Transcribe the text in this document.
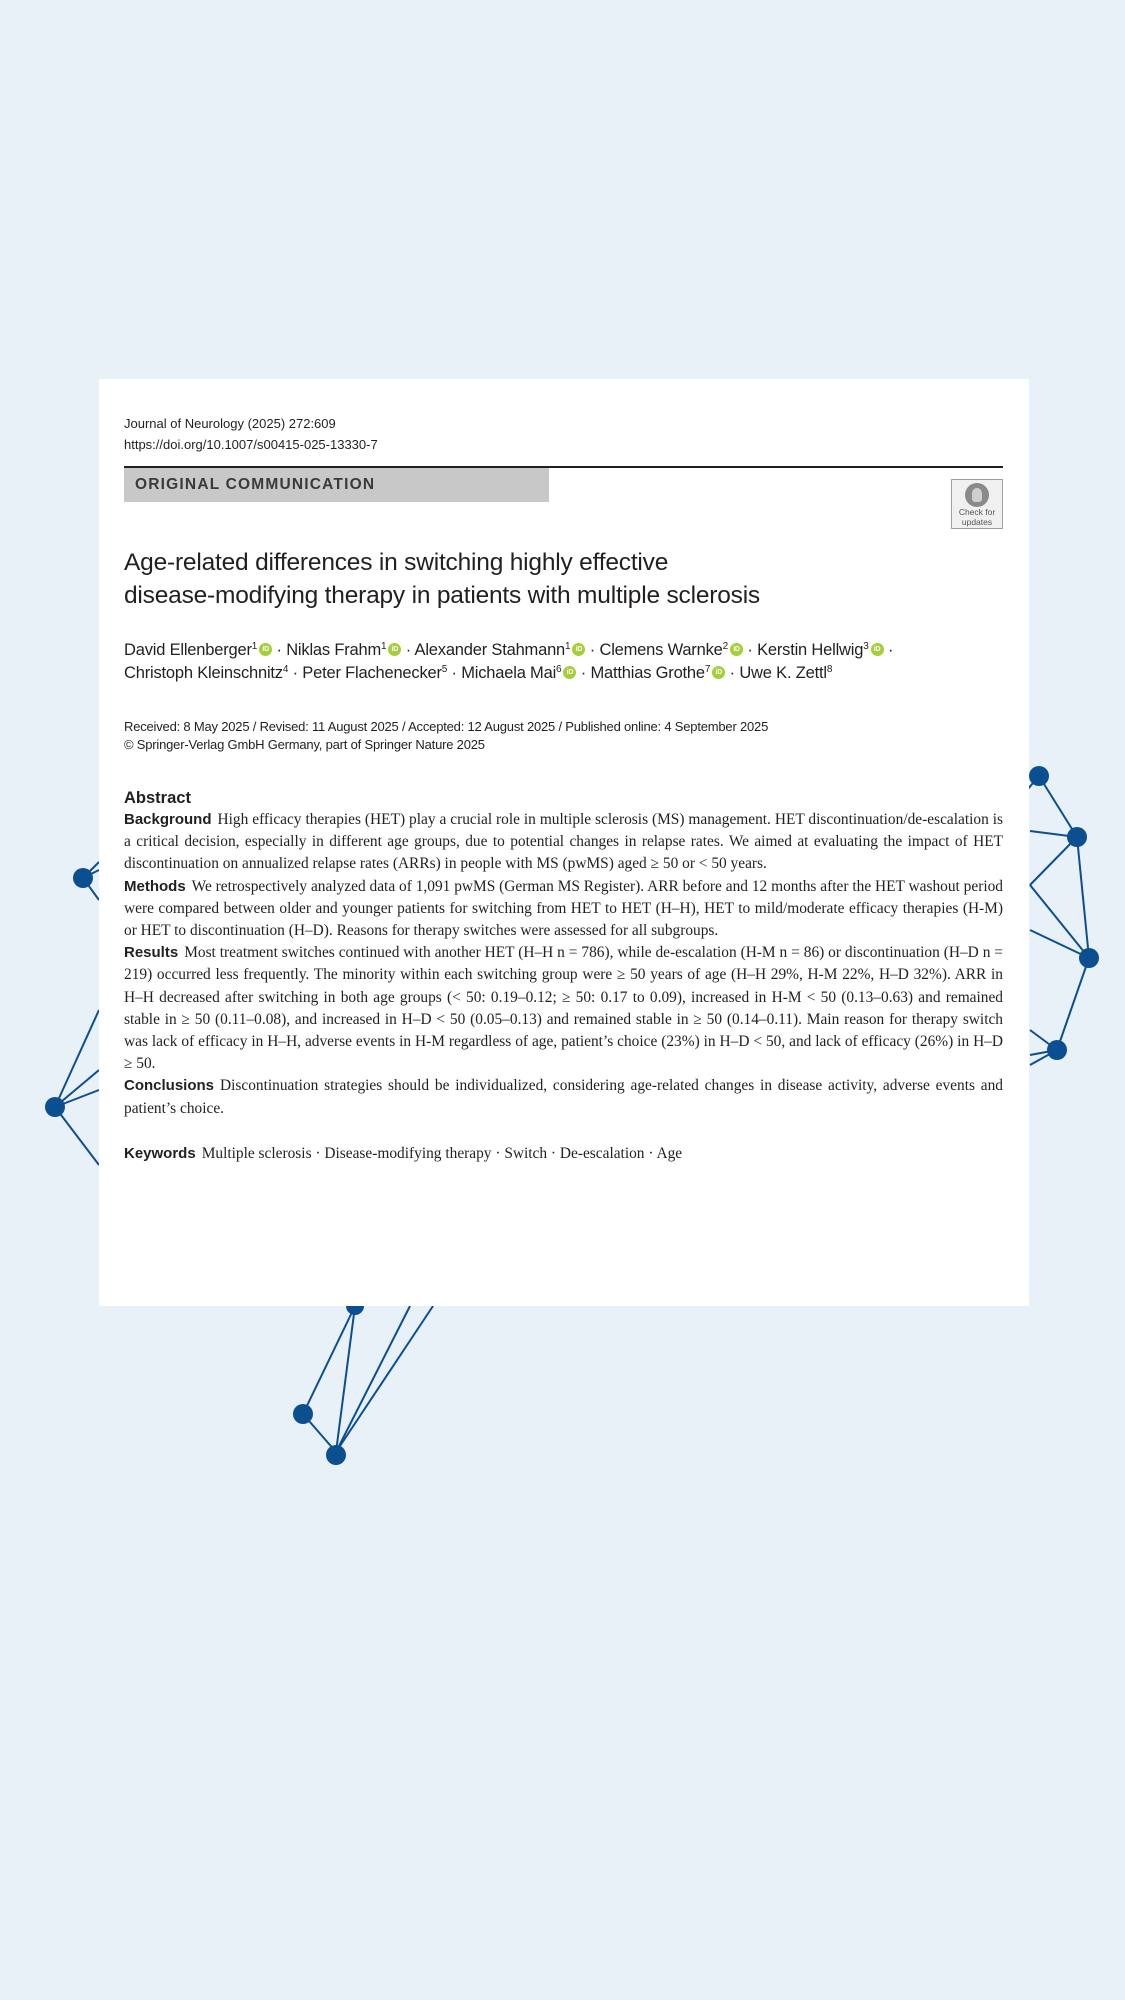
Journal of Neurology (2025) 272:609
https://doi.org/10.1007/s00415-025-13330-7
ORIGINAL COMMUNICATION
Check for
updates
Age-related differences in switching highly effective
disease-modifying therapy in patients with multiple sclerosis
David Ellenberger$^1$iD · Niklas Frahm$^1$iD · Alexander Stahmann$^1$iD · Clemens Warnke$^2$iD · Kerstin Hellwig$^3$iD ·
Christoph Kleinschnitz$^4$ · Peter Flachenecker$^5$ · Michaela Mai$^6$iD · Matthias Grothe$^7$iD · Uwe K. Zettl$^8$
Received: 8 May 2025 / Revised: 11 August 2025 / Accepted: 12 August 2025 / Published online: 4 September 2025
© Springer-Verlag GmbH Germany, part of Springer Nature 2025
Abstract

Background High efficacy therapies (HET) play a crucial role in multiple sclerosis (MS) management. HET discontinuation/de-escalation is a critical decision, especially in different age groups, due to potential changes in relapse rates. We aimed at evaluating the impact of HET discontinuation on annualized relapse rates (ARRs) in people with MS (pwMS) aged ≥ 50 or < 50 years.

Methods We retrospectively analyzed data of 1,091 pwMS (German MS Register). ARR before and 12 months after the HET washout period were compared between older and younger patients for switching from HET to HET (H–H), HET to mild/moderate efficacy therapies (H-M) or HET to discontinuation (H–D). Reasons for therapy switches were assessed for all subgroups.

Results Most treatment switches continued with another HET (H–H n = 786), while de-escalation (H-M n = 86) or discontinuation (H–D n = 219) occurred less frequently. The minority within each switching group were ≥ 50 years of age (H–H 29%, H-M 22%, H–D 32%). ARR in H–H decreased after switching in both age groups (< 50: 0.19–0.12; ≥ 50: 0.17 to 0.09), increased in H-M < 50 (0.13–0.63) and remained stable in ≥ 50 (0.11–0.08), and increased in H–D < 50 (0.05–0.13) and remained stable in ≥ 50 (0.14–0.11). Main reason for therapy switch was lack of efficacy in H–H, adverse events in H-M regardless of age, patient’s choice (23%) in H–D < 50, and lack of efficacy (26%) in H–D ≥ 50.

Conclusions Discontinuation strategies should be individualized, considering age-related changes in disease activity, adverse events and patient’s choice.

Keywords Multiple sclerosis · Disease-modifying therapy · Switch · De-escalation · Age
